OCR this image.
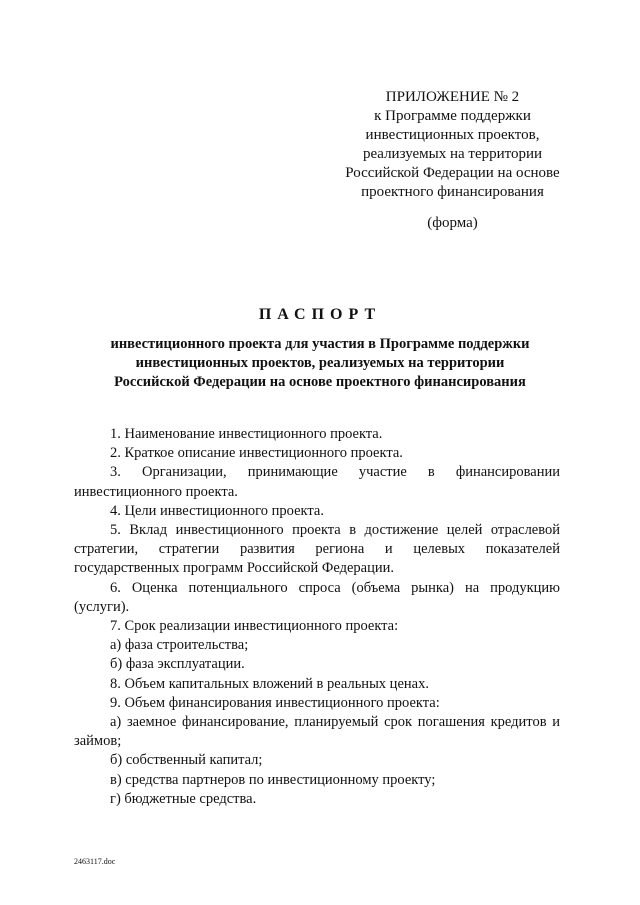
ПРИЛОЖЕНИЕ № 2
к Программе поддержки
инвестиционных проектов,
реализуемых на территории
Российской Федерации на основе
проектного финансирования
(форма)
ПАСПОРТ
инвестиционного проекта для участия в Программе поддержки
инвестиционных проектов, реализуемых на территории
Российской Федерации на основе проектного финансирования

1. Наименование инвестиционного проекта.

2. Краткое описание инвестиционного проекта.

3. Организации, принимающие участие в финансировании инвестиционного проекта.

4. Цели инвестиционного проекта.

5. Вклад инвестиционного проекта в достижение целей отраслевой стратегии, стратегии развития региона и целевых показателей государственных программ Российской Федерации.

6. Оценка потенциального спроса (объема рынка) на продукцию (услуги).

7. Срок реализации инвестиционного проекта:

а) фаза строительства;

б) фаза эксплуатации.

8. Объем капитальных вложений в реальных ценах.

9. Объем финансирования инвестиционного проекта:

а) заемное финансирование, планируемый срок погашения кредитов и займов;

б) собственный капитал;

в) средства партнеров по инвестиционному проекту;

г) бюджетные средства.

2463117.doc
